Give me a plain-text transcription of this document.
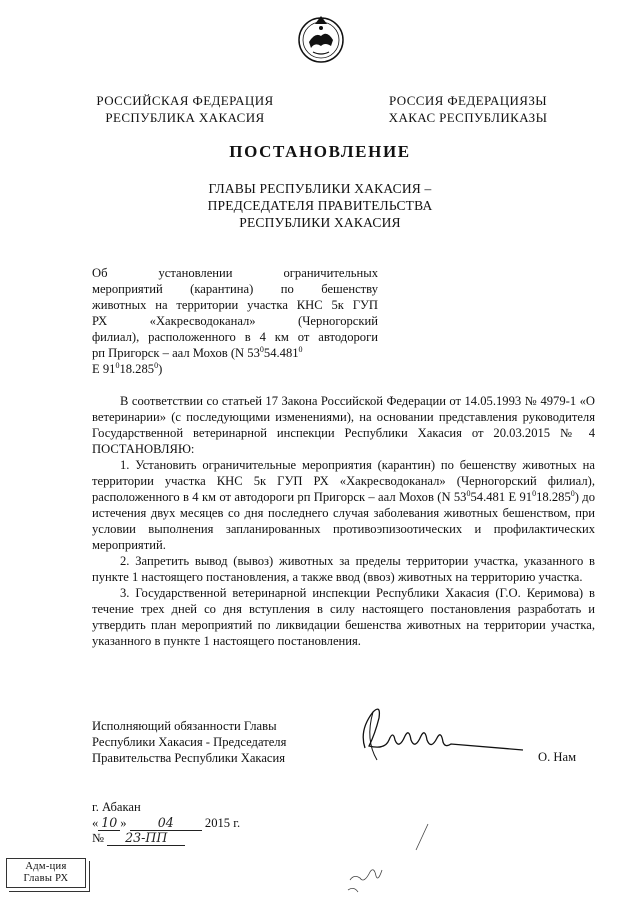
РОССИЙСКАЯ ФЕДЕРАЦИЯ
РЕСПУБЛИКА ХАКАСИЯ
РОССИЯ ФЕДЕРАЦИЯЗЫ
ХАКАС РЕСПУБЛИКАЗЫ
ПОСТАНОВЛЕНИЕ
ГЛАВЫ РЕСПУБЛИКИ ХАКАСИЯ –
ПРЕДСЕДАТЕЛЯ ПРАВИТЕЛЬСТВА
РЕСПУБЛИКИ ХАКАСИЯ
Об установлении ограничительных
мероприятий (карантина) по бешенству
животных на территории участка КНС 5к ГУП
РХ «Хакресводоканал» (Черногорский
филиал), расположенного в 4 км от автодороги
рп Пригорск – аал Мохов (N $53^054.481^0$
Е $91^018.285^0$)

В соответствии со статьей 17 Закона Российской Федерации от 14.05.1993 № 4979-1 «О ветеринарии» (с последующими изменениями), на основании представления руководителя Государственной ветеринарной инспекции Республики Хакасия от 20.03.2015 № 4 ПОСТАНОВЛЯЮ:

1. Установить ограничительные мероприятия (карантин) по бешенству животных на территории участка КНС 5к ГУП РХ «Хакресводоканал» (Черногорский филиал), расположенного в 4 км от автодороги рп Пригорск – аал Мохов (N $53^054.481$ Е $91^018.285^0$) до истечения двух месяцев со дня последнего случая заболевания животных бешенством, при условии выполнения запланированных противоэпизоотических и профилактических мероприятий.

2. Запретить вывод (вывоз) животных за пределы территории участка, указанного в пункте 1 настоящего постановления, а также ввод (ввоз) животных на территорию участка.

3. Государственной ветеринарной инспекции Республики Хакасия (Г.О. Керимова) в течение трех дней со дня вступления в силу настоящего постановления разработать и утвердить план мероприятий по ликвидации бешенства животных на территории участка, указанного в пункте 1 настоящего постановления.

Исполняющий обязанности Главы
Республики Хакасия - Председателя
Правительства Республики Хакасия	О. Нам
г. Абакан
« 10 » 04 2015 г.
№ 23-ПП
Адм-ция
Главы РХ
